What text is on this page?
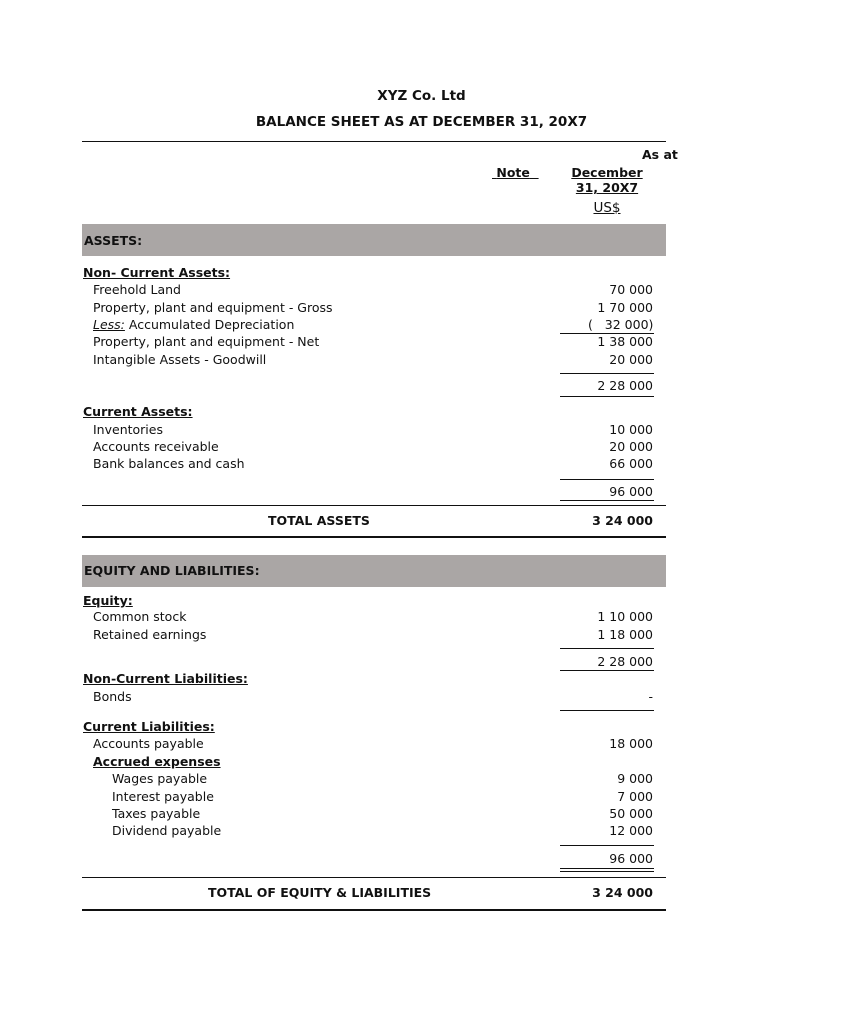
XYZ Co. Ltd
BALANCE SHEET AS AT DECEMBER 31, 20X7
As at
Note	December
31, 20X7
US$
ASSETS:
Non- Current Assets:
Freehold Land	70 000
Property, plant and equipment - Gross	1 70 000
Less: Accumulated Depreciation	(   32 000)
Property, plant and equipment - Net	1 38 000
Intangible Assets - Goodwill	20 000
2 28 000
Current Assets:
Inventories	10 000
Accounts receivable	20 000
Bank balances and cash	66 000
96 000
TOTAL ASSETS	3 24 000
EQUITY AND LIABILITIES:
Equity:
Common stock	1 10 000
Retained earnings	1 18 000
2 28 000
Non-Current Liabilities:
Bonds	-
Current Liabilities:
Accounts payable	18 000
Accrued expenses
Wages payable	9 000
Interest payable	7 000
Taxes payable	50 000
Dividend payable	12 000
96 000
TOTAL OF EQUITY & LIABILITIES	3 24 000
